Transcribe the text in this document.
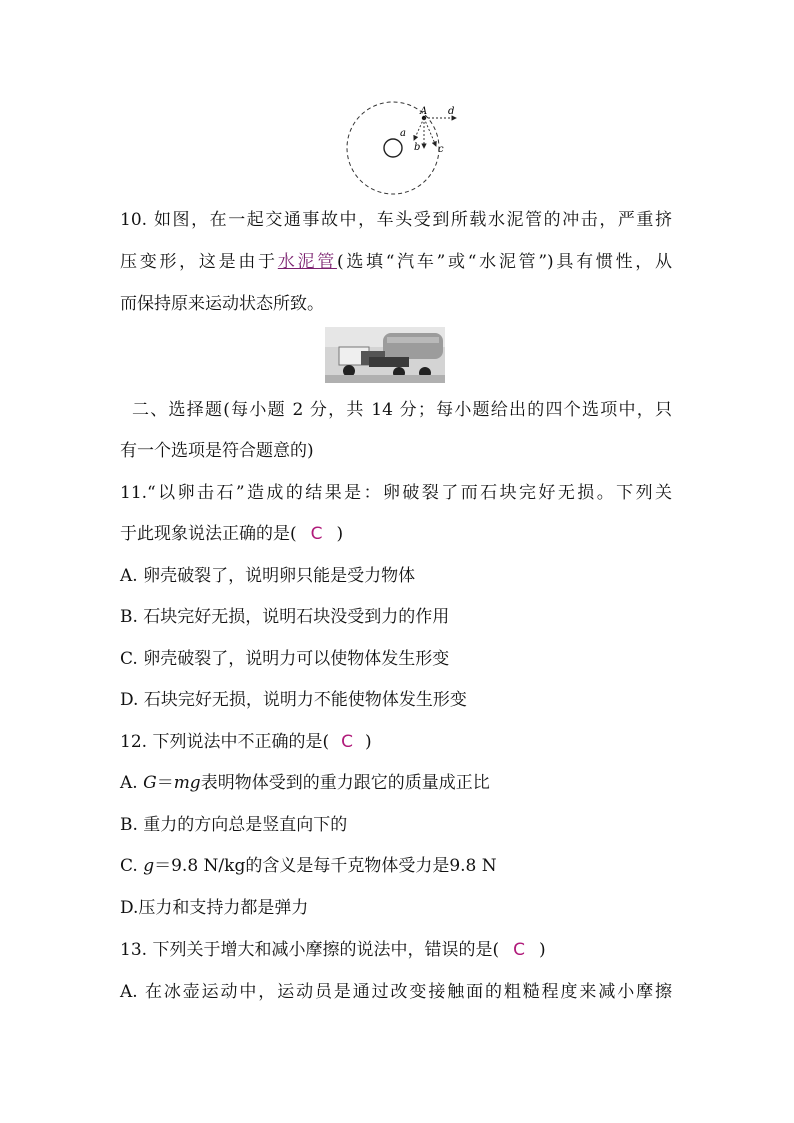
A
a
b c
d
10. 如图，在一起交通事故中，车头受到所载水泥管的冲击，严重挤
压变形，这是由于水泥管(选填“汽车”或“水泥管”)具有惯性，从
而保持原来运动状态所致。
二、选择题(每小题 2 分，共 14 分；每小题给出的四个选项中，只
有一个选项是符合题意的)
11.“以卵击石”造成的结果是：卵破裂了而石块完好无损。下列关
于此现象说法正确的是( C )
A. 卵壳破裂了，说明卵只能是受力物体
B. 石块完好无损，说明石块没受到力的作用
C. 卵壳破裂了，说明力可以使物体发生形变
D. 石块完好无损，说明力不能使物体发生形变
12. 下列说法中不正确的是( C )
A. G＝mg表明物体受到的重力跟它的质量成正比
B. 重力的方向总是竖直向下的
C. g＝9.8 N/kg的含义是每千克物体受力是9.8 N
D.压力和支持力都是弹力
13. 下列关于增大和减小摩擦的说法中，错误的是( C )
A. 在冰壶运动中，运动员是通过改变接触面的粗糙程度来减小摩擦
